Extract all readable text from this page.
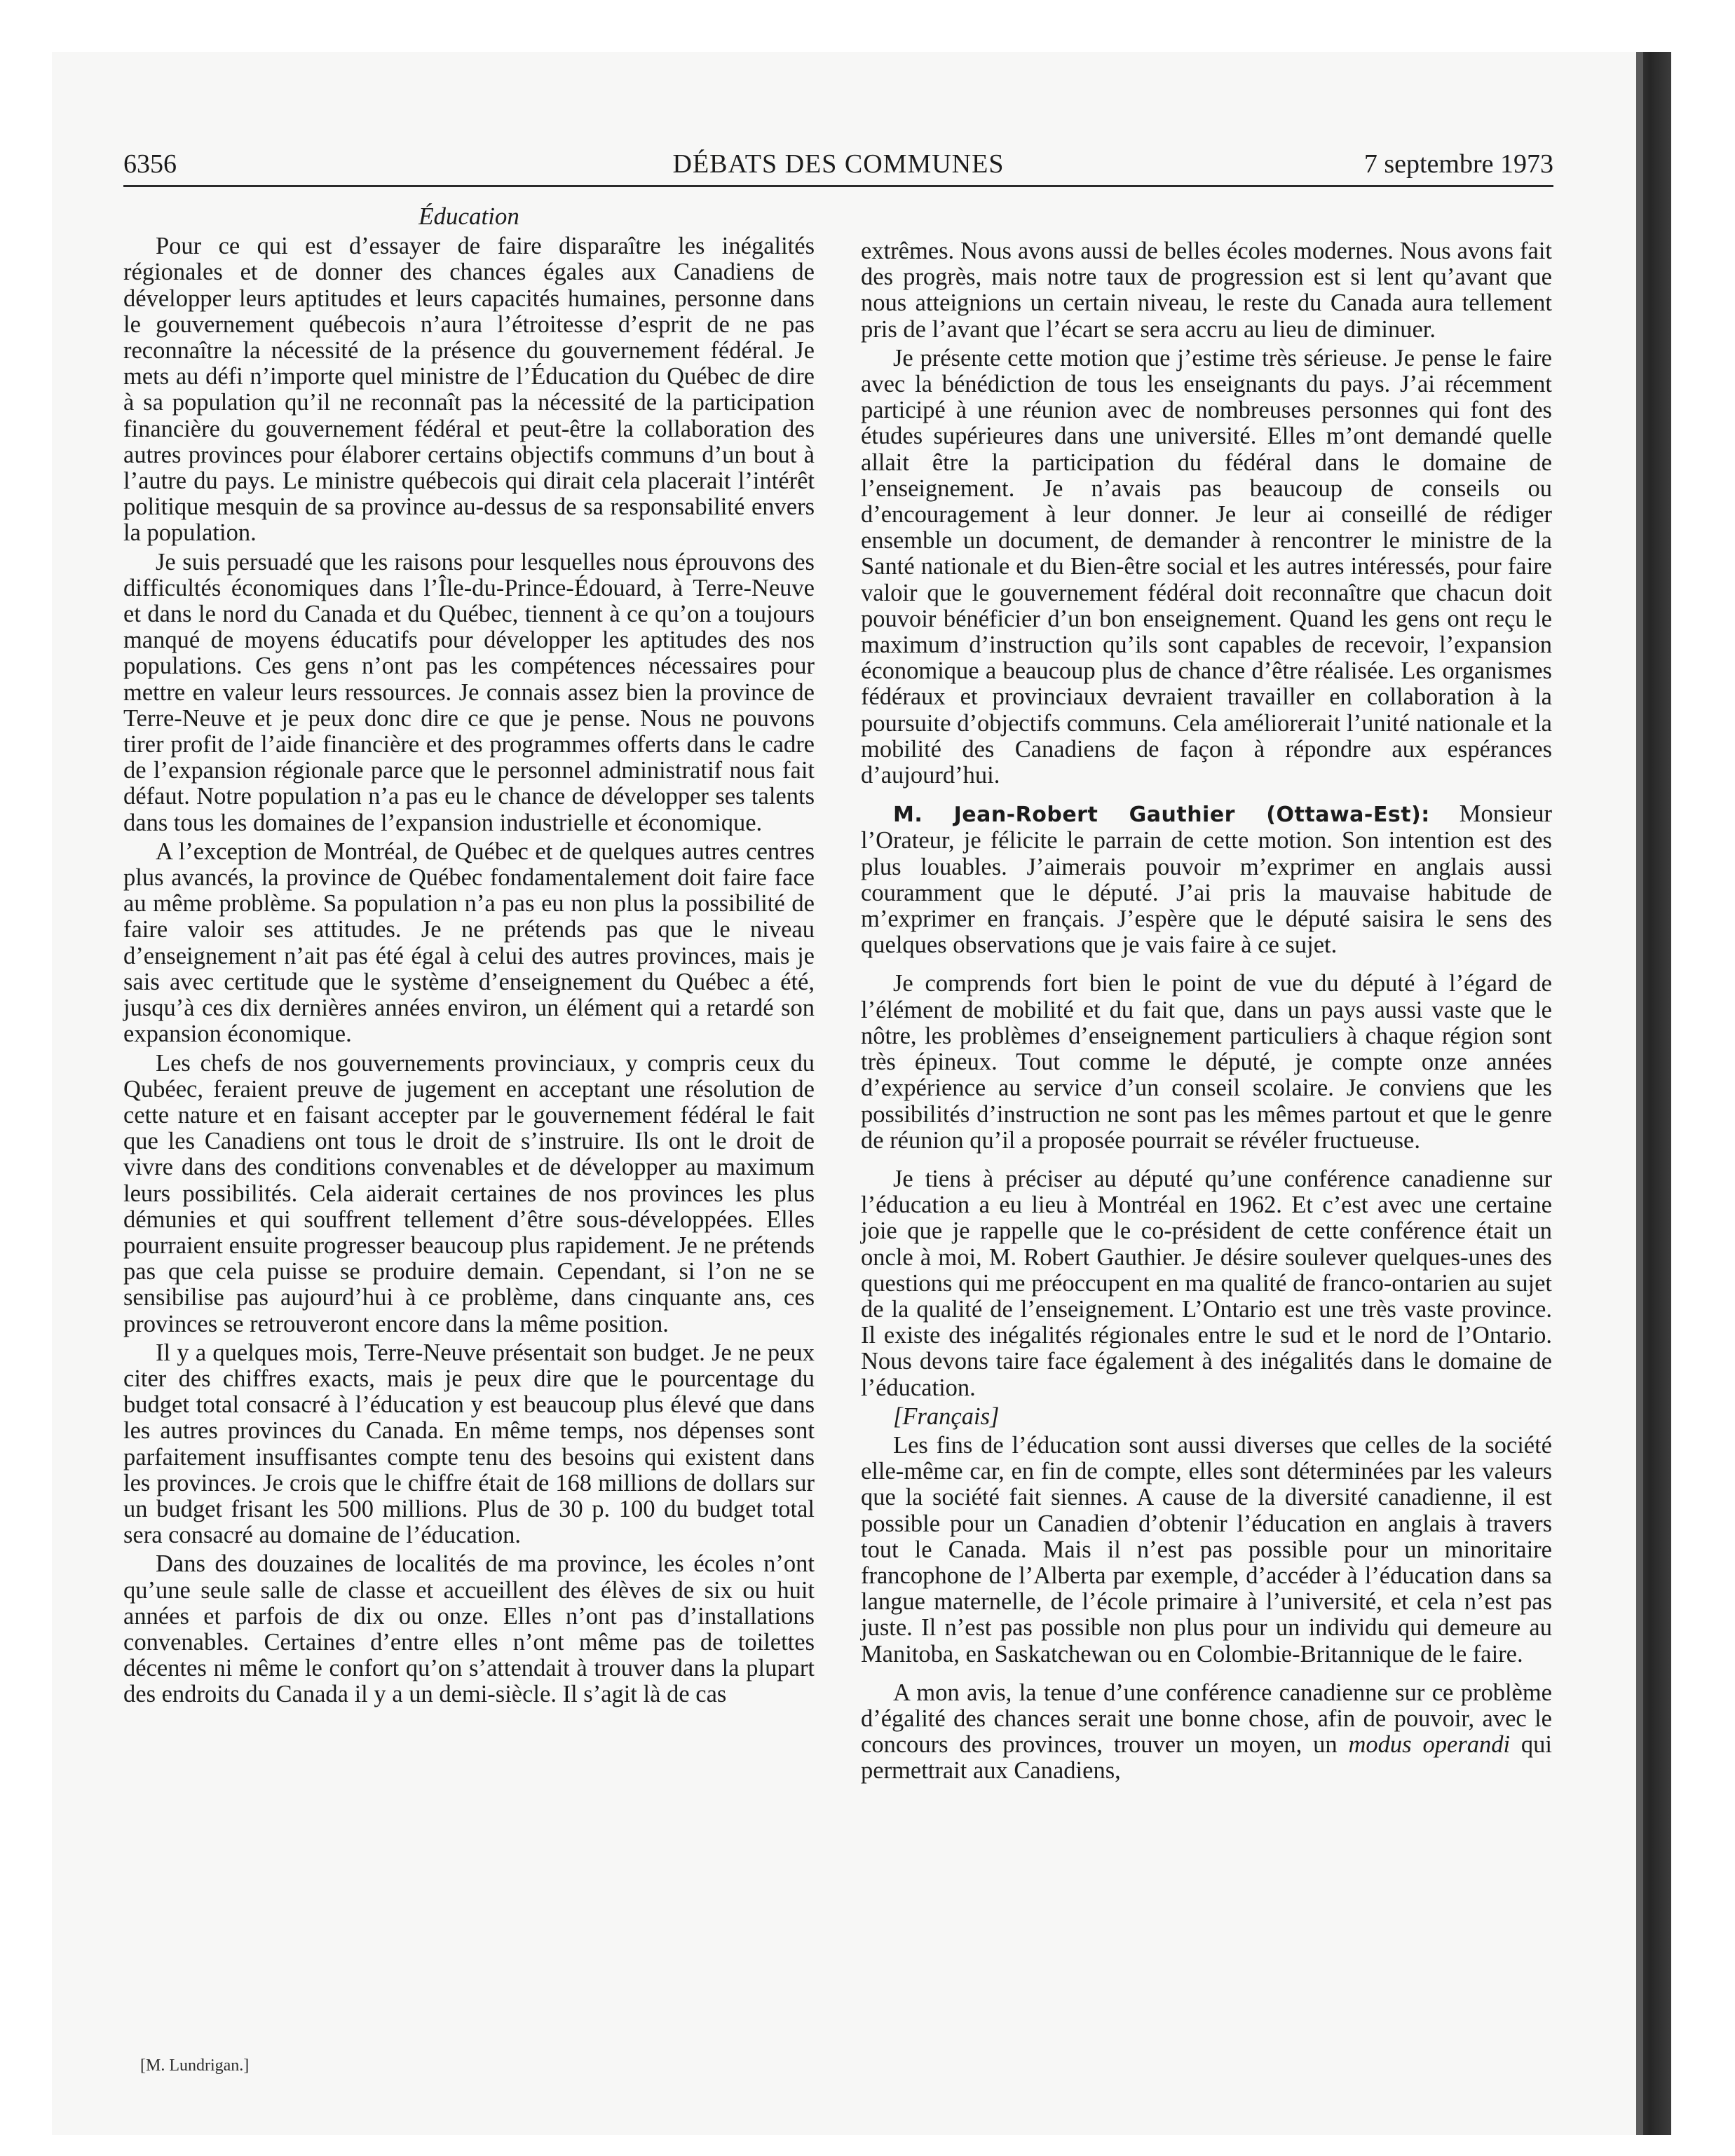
6356	DÉBATS DES COMMUNES	7 septembre 1973
Éducation

Pour ce qui est d’essayer de faire disparaître les inégalités régionales et de donner des chances égales aux Canadiens de développer leurs aptitudes et leurs capacités humaines, personne dans le gouvernement québecois n’aura l’étroitesse d’esprit de ne pas reconnaître la nécessité de la présence du gouvernement fédéral. Je mets au défi n’importe quel ministre de l’Éducation du Québec de dire à sa population qu’il ne reconnaît pas la nécessité de la participation financière du gouvernement fédéral et peut-être la collaboration des autres provinces pour élaborer certains objectifs communs d’un bout à l’autre du pays. Le ministre québecois qui dirait cela placerait l’intérêt politique mesquin de sa province au-dessus de sa responsabilité envers la population.

Je suis persuadé que les raisons pour lesquelles nous éprouvons des difficultés économiques dans l’Île-du-Prince-Édouard, à Terre-Neuve et dans le nord du Canada et du Québec, tiennent à ce qu’on a toujours manqué de moyens éducatifs pour développer les aptitudes des nos populations. Ces gens n’ont pas les compétences nécessaires pour mettre en valeur leurs ressources. Je connais assez bien la province de Terre-Neuve et je peux donc dire ce que je pense. Nous ne pouvons tirer profit de l’aide financière et des programmes offerts dans le cadre de l’expansion régionale parce que le personnel administratif nous fait défaut. Notre population n’a pas eu le chance de développer ses talents dans tous les domaines de l’expansion industrielle et économique.

A l’exception de Montréal, de Québec et de quelques autres centres plus avancés, la province de Québec fondamentalement doit faire face au même problème. Sa population n’a pas eu non plus la possibilité de faire valoir ses attitudes. Je ne prétends pas que le niveau d’enseignement n’ait pas été égal à celui des autres provinces, mais je sais avec certitude que le système d’enseignement du Québec a été, jusqu’à ces dix dernières années environ, un élément qui a retardé son expansion économique.

Les chefs de nos gouvernements provinciaux, y compris ceux du Qubéec, feraient preuve de jugement en acceptant une résolution de cette nature et en faisant accepter par le gouvernement fédéral le fait que les Canadiens ont tous le droit de s’instruire. Ils ont le droit de vivre dans des conditions convenables et de développer au maximum leurs possibilités. Cela aiderait certaines de nos provinces les plus démunies et qui souffrent tellement d’être sous-développées. Elles pourraient ensuite progresser beaucoup plus rapidement. Je ne prétends pas que cela puisse se produire demain. Cependant, si l’on ne se sensibilise pas aujourd’hui à ce problème, dans cinquante ans, ces provinces se retrouveront encore dans la même position.

Il y a quelques mois, Terre-Neuve présentait son budget. Je ne peux citer des chiffres exacts, mais je peux dire que le pourcentage du budget total consacré à l’éducation y est beaucoup plus élevé que dans les autres provinces du Canada. En même temps, nos dépenses sont parfaitement insuffisantes compte tenu des besoins qui existent dans les provinces. Je crois que le chiffre était de 168 millions de dollars sur un budget frisant les 500 millions. Plus de 30 p. 100 du budget total sera consacré au domaine de l’éducation.

Dans des douzaines de localités de ma province, les écoles n’ont qu’une seule salle de classe et accueillent des élèves de six ou huit années et parfois de dix ou onze. Elles n’ont pas d’installations convenables. Certaines d’entre elles n’ont même pas de toilettes décentes ni même le confort qu’on s’attendait à trouver dans la plupart des endroits du Canada il y a un demi-siècle. Il s’agit là de cas

[M. Lundrigan.]

extrêmes. Nous avons aussi de belles écoles modernes. Nous avons fait des progrès, mais notre taux de progression est si lent qu’avant que nous atteignions un certain niveau, le reste du Canada aura tellement pris de l’avant que l’écart se sera accru au lieu de diminuer.

Je présente cette motion que j’estime très sérieuse. Je pense le faire avec la bénédiction de tous les enseignants du pays. J’ai récemment participé à une réunion avec de nombreuses personnes qui font des études supérieures dans une université. Elles m’ont demandé quelle allait être la participation du fédéral dans le domaine de l’enseignement. Je n’avais pas beaucoup de conseils ou d’encouragement à leur donner. Je leur ai conseillé de rédiger ensemble un document, de demander à rencontrer le ministre de la Santé nationale et du Bien-être social et les autres intéressés, pour faire valoir que le gouvernement fédéral doit reconnaître que chacun doit pouvoir bénéficier d’un bon enseignement. Quand les gens ont reçu le maximum d’instruction qu’ils sont capables de recevoir, l’expansion économique a beaucoup plus de chance d’être réalisée. Les organismes fédéraux et provinciaux devraient travailler en collaboration à la poursuite d’objectifs communs. Cela améliorerait l’unité nationale et la mobilité des Canadiens de façon à répondre aux espérances d’aujourd’hui.

M. Jean-Robert Gauthier (Ottawa-Est): Monsieur l’Orateur, je félicite le parrain de cette motion. Son intention est des plus louables. J’aimerais pouvoir m’exprimer en anglais aussi couramment que le député. J’ai pris la mauvaise habitude de m’exprimer en français. J’espère que le député saisira le sens des quelques observations que je vais faire à ce sujet.

Je comprends fort bien le point de vue du député à l’égard de l’élément de mobilité et du fait que, dans un pays aussi vaste que le nôtre, les problèmes d’enseignement particuliers à chaque région sont très épineux. Tout comme le député, je compte onze années d’expérience au service d’un conseil scolaire. Je conviens que les possibilités d’instruction ne sont pas les mêmes partout et que le genre de réunion qu’il a proposée pourrait se révéler fructueuse.

Je tiens à préciser au député qu’une conférence canadienne sur l’éducation a eu lieu à Montréal en 1962. Et c’est avec une certaine joie que je rappelle que le co-président de cette conférence était un oncle à moi, M. Robert Gauthier. Je désire soulever quelques-unes des questions qui me préoccupent en ma qualité de franco-ontarien au sujet de la qualité de l’enseignement. L’Ontario est une très vaste province. Il existe des inégalités régionales entre le sud et le nord de l’Ontario. Nous devons taire face également à des inégalités dans le domaine de l’éducation.

[Français]

Les fins de l’éducation sont aussi diverses que celles de la société elle-même car, en fin de compte, elles sont déterminées par les valeurs que la société fait siennes. A cause de la diversité canadienne, il est possible pour un Canadien d’obtenir l’éducation en anglais à travers tout le Canada. Mais il n’est pas possible pour un minoritaire francophone de l’Alberta par exemple, d’accéder à l’éducation dans sa langue maternelle, de l’école primaire à l’université, et cela n’est pas juste. Il n’est pas possible non plus pour un individu qui demeure au Manitoba, en Saskatchewan ou en Colombie-Britannique de le faire.

A mon avis, la tenue d’une conférence canadienne sur ce problème d’égalité des chances serait une bonne chose, afin de pouvoir, avec le concours des provinces, trouver un moyen, un modus operandi qui permettrait aux Canadiens,
